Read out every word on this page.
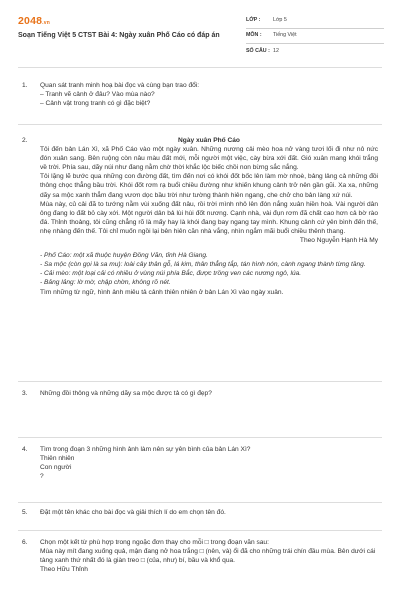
2048.vn
Soạn Tiếng Việt 5 CTST Bài 4: Ngày xuân Phố Cáo có đáp án
LỚP :	Lớp 5
MÔN :	Tiếng Việt
SỐ CÂU : 12
1.	Quan sát tranh minh hoạ bài đọc và cùng bạn trao đổi:
– Tranh vẽ cảnh ở đâu? Vào mùa nào?
– Cảnh vật trong tranh có gì đặc biệt?
2.	Ngày xuân Phố Cáo
Tôi đến bản Lán Xì, xã Phố Cáo vào một ngày xuân. Những nương cải mèo hoa nở vàng tươi lối đi như nô nức đón xuân sang. Bên ruộng còn nâu màu đất mới, mỗi người một việc, cày bừa xới đất. Gió xuân mang khói trắng về trời. Phía sau, dãy núi như đang nằm chờ thời khắc lộc biếc chồi non bừng sắc nắng.
Tôi lặng lẽ bước qua những con đường đất, tìm đến nơi có khói đốt bốc lên làm mờ nhoè, bảng lảng cả những đồi thông chọc thẳng bầu trời. Khói đốt rơm rạ buổi chiều đường như khiến khung cảnh trở nên gần gũi. Xa xa, những dãy sa mộc xanh thẳm đang vươn dọc bầu trời như tường thành hiên ngang, che chở cho bản làng xứ núi.
Mùa này, củ cải đã to tướng nằm vùi xuống đất nâu, rồi trời mình nhô lên đón nắng xuân hiền hoà. Vài người dân ông đang lo đất bỏ cày xới. Một người dân bả lùi hùi đốt nương. Cạnh nhà, vài đụn rơm đã chất cao hơn cả bờ rào đá. Thỉnh thoảng, tôi cũng chẳng rõ là mấy hay là khói đang bay ngang tay mình. Khung cảnh cứ yên bình đến thế, nhẹ nhàng đến thế. Tôi chỉ muốn ngồi lại bên hiên căn nhà vắng, nhìn ngắm mãi buổi chiều thênh thang.
Theo Nguyễn Hạnh Hà My
- Phố Cáo: một xã thuộc huyện Đồng Văn, tỉnh Hà Giang.
- Sa mộc (còn gọi là sa mu): loài cây thân gỗ, lá kim, thân thẳng tắp, tán hình nón, cành ngang thành từng tầng.
- Cải mèo: một loại cải có nhiều ở vùng núi phía Bắc, được trồng ven các nương ngô, lúa.
- Bảng lảng: lờ mờ, chập chờn, không rõ nét.
Tìm những từ ngữ, hình ảnh miêu tả cảnh thiên nhiên ở bản Lán Xì vào ngày xuân.
3.	Những đồi thông và những dãy sa mộc được tả có gì đẹp?
4.	Tìm trong đoạn 3 những hình ảnh làm nên sự yên bình của bản Lán Xì?
Thiên nhiên
Con người
?
5.	Đặt một tên khác cho bài đọc và giải thích lí do em chọn tên đó.
6.	Chọn một kết từ phù hợp trong ngoặc đơn thay cho mỗi □ trong đoạn văn sau:
Mùa này mít đang xuống quả, mận đang nở hoa trắng □ (nên, và) ổi đã cho những trái chín đầu mùa. Bên dưới cái tàng xanh thứ nhất đó là giàn treo □ (của, như) bí, bầu và khổ qua.
Theo Hữu Thỉnh
